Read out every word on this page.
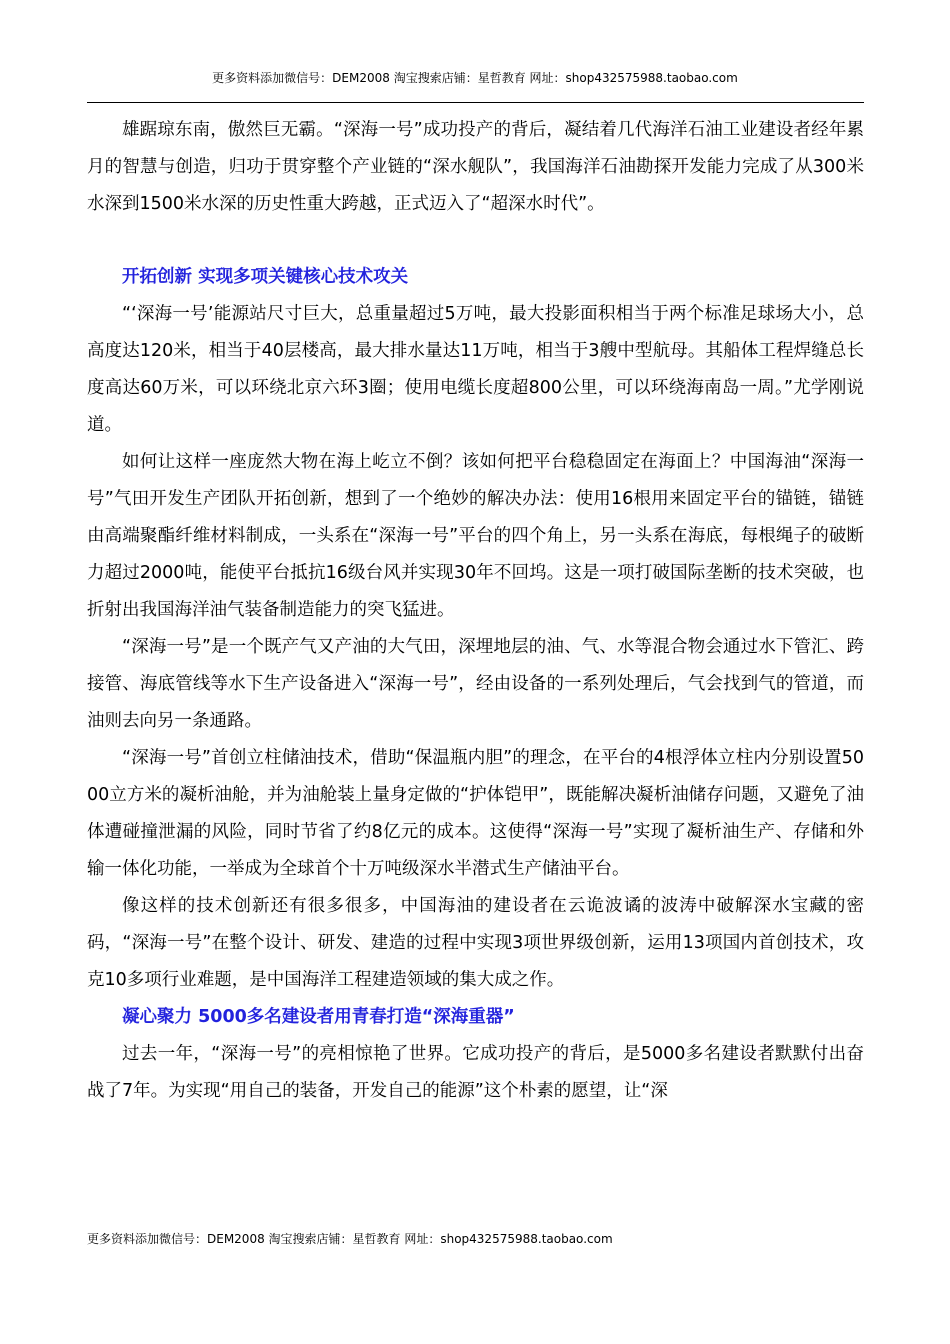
更多资料添加微信号：DEM2008 淘宝搜索店铺：星哲教育 网址：shop432575988.taobao.com

雄踞琼东南，傲然巨无霸。“深海一号”成功投产的背后，凝结着几代海洋石油工业建设者经年累月的智慧与创造，归功于贯穿整个产业链的“深水舰队”，我国海洋石油勘探开发能力完成了从300米水深到1500米水深的历史性重大跨越，正式迈入了“超深水时代”。

开拓创新 实现多项关键核心技术攻关

“‘深海一号’能源站尺寸巨大，总重量超过5万吨，最大投影面积相当于两个标准足球场大小，总高度达120米，相当于40层楼高，最大排水量达11万吨，相当于3艘中型航母。其船体工程焊缝总长度高达60万米，可以环绕北京六环3圈；使用电缆长度超800公里，可以环绕海南岛一周。”尤学刚说道。

如何让这样一座庞然大物在海上屹立不倒？该如何把平台稳稳固定在海面上？中国海油“深海一号”气田开发生产团队开拓创新，想到了一个绝妙的解决办法：使用16根用来固定平台的锚链，锚链由高端聚酯纤维材料制成，一头系在“深海一号”平台的四个角上，另一头系在海底，每根绳子的破断力超过2000吨，能使平台抵抗16级台风并实现30年不回坞。这是一项打破国际垄断的技术突破，也折射出我国海洋油气装备制造能力的突飞猛进。

“深海一号”是一个既产气又产油的大气田，深埋地层的油、气、水等混合物会通过水下管汇、跨接管、海底管线等水下生产设备进入“深海一号”，经由设备的一系列处理后，气会找到气的管道，而油则去向另一条通路。

“深海一号”首创立柱储油技术，借助“保温瓶内胆”的理念，在平台的4根浮体立柱内分别设置5000立方米的凝析油舱，并为油舱装上量身定做的“护体铠甲”，既能解决凝析油储存问题，又避免了油体遭碰撞泄漏的风险，同时节省了约8亿元的成本。这使得“深海一号”实现了凝析油生产、存储和外输一体化功能，一举成为全球首个十万吨级深水半潜式生产储油平台。

像这样的技术创新还有很多很多，中国海油的建设者在云诡波谲的波涛中破解深水宝藏的密码，“深海一号”在整个设计、研发、建造的过程中实现3项世界级创新，运用13项国内首创技术，攻克10多项行业难题，是中国海洋工程建造领域的集大成之作。

凝心聚力 5000多名建设者用青春打造“深海重器”

过去一年，“深海一号”的亮相惊艳了世界。它成功投产的背后，是5000多名建设者默默付出奋战了7年。为实现“用自己的装备，开发自己的能源”这个朴素的愿望，让“深

更多资料添加微信号：DEM2008 淘宝搜索店铺：星哲教育 网址：shop432575988.taobao.com
